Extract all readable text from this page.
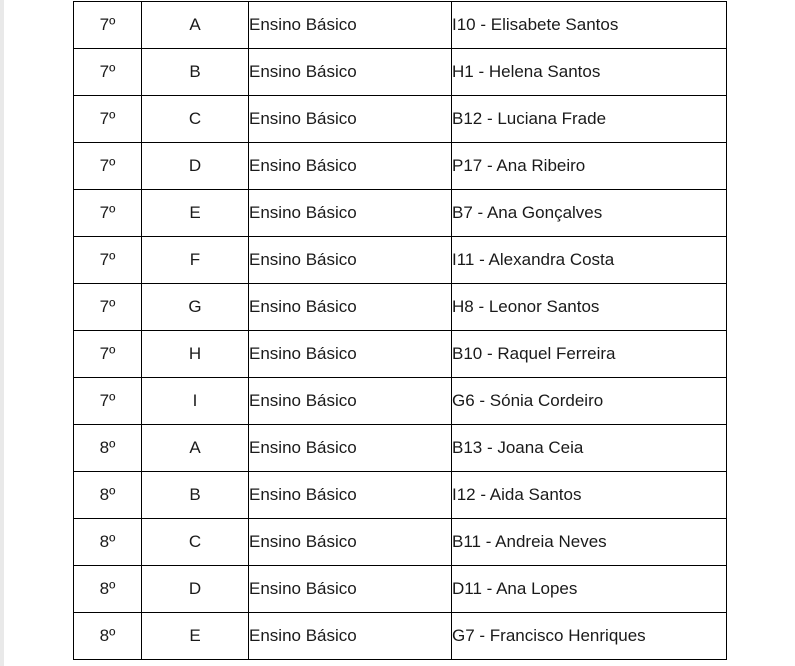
7º	A	Ensino Básico	I10 - Elisabete Santos
7º	B	Ensino Básico	H1 - Helena Santos
7º	C	Ensino Básico	B12 - Luciana Frade
7º	D	Ensino Básico	P17 - Ana Ribeiro
7º	E	Ensino Básico	B7 - Ana Gonçalves
7º	F	Ensino Básico	I11 - Alexandra Costa
7º	G	Ensino Básico	H8 - Leonor Santos
7º	H	Ensino Básico	B10 - Raquel Ferreira
7º	I	Ensino Básico	G6 - Sónia Cordeiro
8º	A	Ensino Básico	B13 - Joana Ceia
8º	B	Ensino Básico	I12 - Aida Santos
8º	C	Ensino Básico	B11 - Andreia Neves
8º	D	Ensino Básico	D11 - Ana Lopes
8º	E	Ensino Básico	G7 - Francisco Henriques
